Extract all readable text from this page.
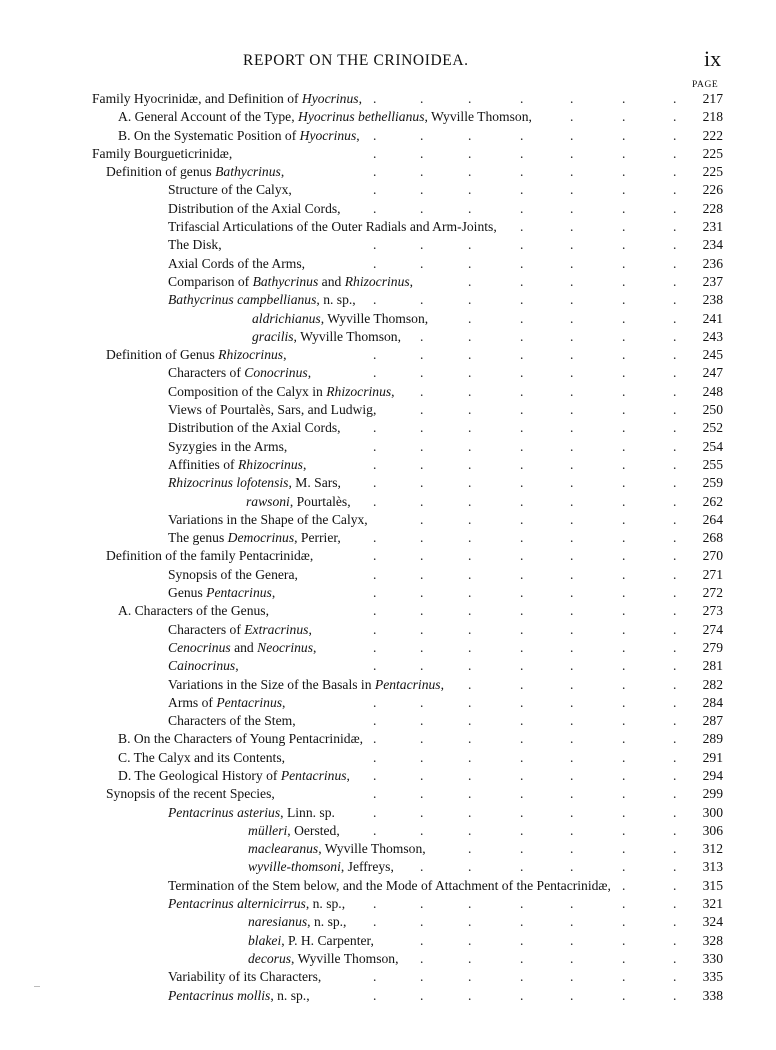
REPORT ON THE CRINOIDEA.	ix
PAGE
Family Hyocrinidæ, and Definition of Hyocrinus,	217
.	.	.	.	.	.	.
A. General Account of the Type, Hyocrinus bethellianus, Wyville Thomson,	218
.	.	.
B. On the Systematic Position of Hyocrinus,	222
.	.	.	.	.	.	.
Family Bourgueticrinidæ,	225
.	.	.	.	.	.	.
Definition of genus Bathycrinus,	225
.	.	.	.	.	.	.
Structure of the Calyx,	226
.	.	.	.	.	.	.
Distribution of the Axial Cords,	228
.	.	.	.	.	.	.
Trifascial Articulations of the Outer Radials and Arm-Joints,	231
.	.	.	.
The Disk,	234
.	.	.	.	.	.	.
Axial Cords of the Arms,	236
.	.	.	.	.	.	.
Comparison of Bathycrinus and Rhizocrinus,	237
.	.	.	.	.
Bathycrinus campbellianus, n. sp.,	238
.	.	.	.	.	.	.
aldrichianus, Wyville Thomson,	241
.	.	.	.	.
gracilis, Wyville Thomson,	243
.	.	.	.	.	.
Definition of Genus Rhizocrinus,	245
.	.	.	.	.	.	.
Characters of Conocrinus,	247
.	.	.	.	.	.	.
Composition of the Calyx in Rhizocrinus,	248
.	.	.	.	.	.
Views of Pourtalès, Sars, and Ludwig,	250
.	.	.	.	.	.
Distribution of the Axial Cords,	252
.	.	.	.	.	.	.
Syzygies in the Arms,	254
.	.	.	.	.	.	.
Affinities of Rhizocrinus,	255
.	.	.	.	.	.	.
Rhizocrinus lofotensis, M. Sars,	259
.	.	.	.	.	.	.
rawsoni, Pourtalès,	262
.	.	.	.	.	.	.
Variations in the Shape of the Calyx,	264
.	.	.	.	.	.
The genus Democrinus, Perrier,	268
.	.	.	.	.	.	.
Definition of the family Pentacrinidæ,	270
.	.	.	.	.	.	.
Synopsis of the Genera,	271
.	.	.	.	.	.	.
Genus Pentacrinus,	272
.	.	.	.	.	.	.
A. Characters of the Genus,	273
.	.	.	.	.	.	.
Characters of Extracrinus,	274
.	.	.	.	.	.	.
Cenocrinus and Neocrinus,	279
.	.	.	.	.	.	.
Cainocrinus,	281
.	.	.	.	.	.	.
Variations in the Size of the Basals in Pentacrinus,	282
.	.	.	.	.
Arms of Pentacrinus,	284
.	.	.	.	.	.	.
Characters of the Stem,	287
.	.	.	.	.	.	.
B. On the Characters of Young Pentacrinidæ,	289
.	.	.	.	.	.	.
C. The Calyx and its Contents,	291
.	.	.	.	.	.	.
D. The Geological History of Pentacrinus,	294
.	.	.	.	.	.	.
Synopsis of the recent Species,	299
.	.	.	.	.	.	.
Pentacrinus asterius, Linn. sp.	300
.	.	.	.	.	.	.
mülleri, Oersted,	306
.	.	.	.	.	.	.
maclearanus, Wyville Thomson,	312
.	.	.	.	.
wyville-thomsoni, Jeffreys,	313
.	.	.	.	.	.
Termination of the Stem below, and the Mode of Attachment of the Pentacrinidæ,	315
.	.
Pentacrinus alternicirrus, n. sp.,	321
.	.	.	.	.	.	.
naresianus, n. sp.,	324
.	.	.	.	.	.	.
blakei, P. H. Carpenter,	328
.	.	.	.	.	.
decorus, Wyville Thomson,	330
.	.	.	.	.	.
Variability of its Characters,	335
.	.	.	.	.	.	.
Pentacrinus mollis, n. sp.,	338
.	.	.	.	.	.	.
